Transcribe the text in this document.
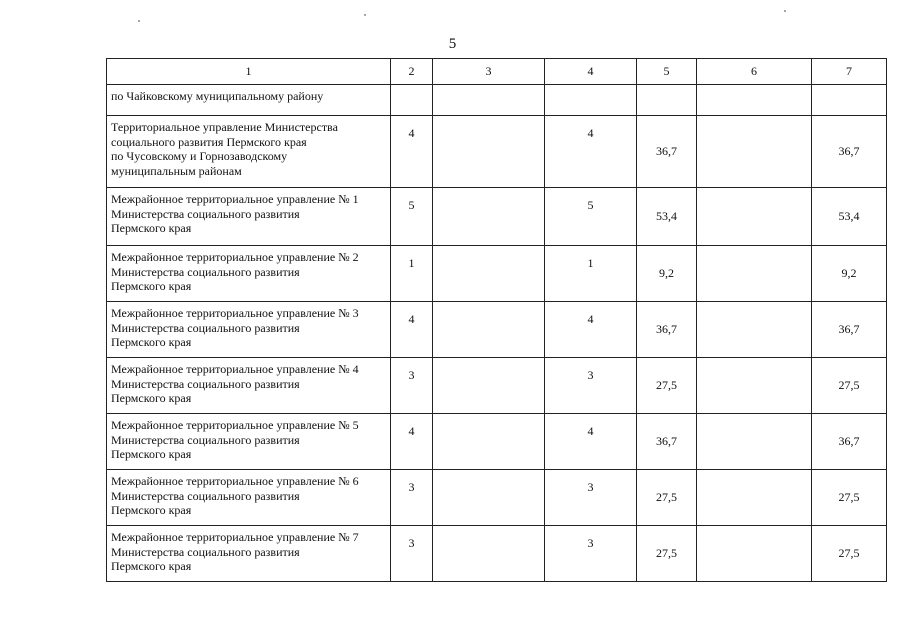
5
1	2	3	4	5	6	7

по Чайковскому муниципальному району						

Территориальное управление Министерства
социального развития Пермского края
по Чусовскому и Горнозаводскому
муниципальным районам	4		4	36,7		36,7

Межрайонное территориальное управление № 1
Министерства социального развития
Пермского края	5		5	53,4		53,4

Межрайонное территориальное управление № 2
Министерства социального развития
Пермского края	1		1	9,2		9,2

Межрайонное территориальное управление № 3
Министерства социального развития
Пермского края	4		4	36,7		36,7

Межрайонное территориальное управление № 4
Министерства социального развития
Пермского края	3		3	27,5		27,5

Межрайонное территориальное управление № 5
Министерства социального развития
Пермского края	4		4	36,7		36,7

Межрайонное территориальное управление № 6
Министерства социального развития
Пермского края	3		3	27,5		27,5

Межрайонное территориальное управление № 7
Министерства социального развития
Пермского края	3		3	27,5		27,5
